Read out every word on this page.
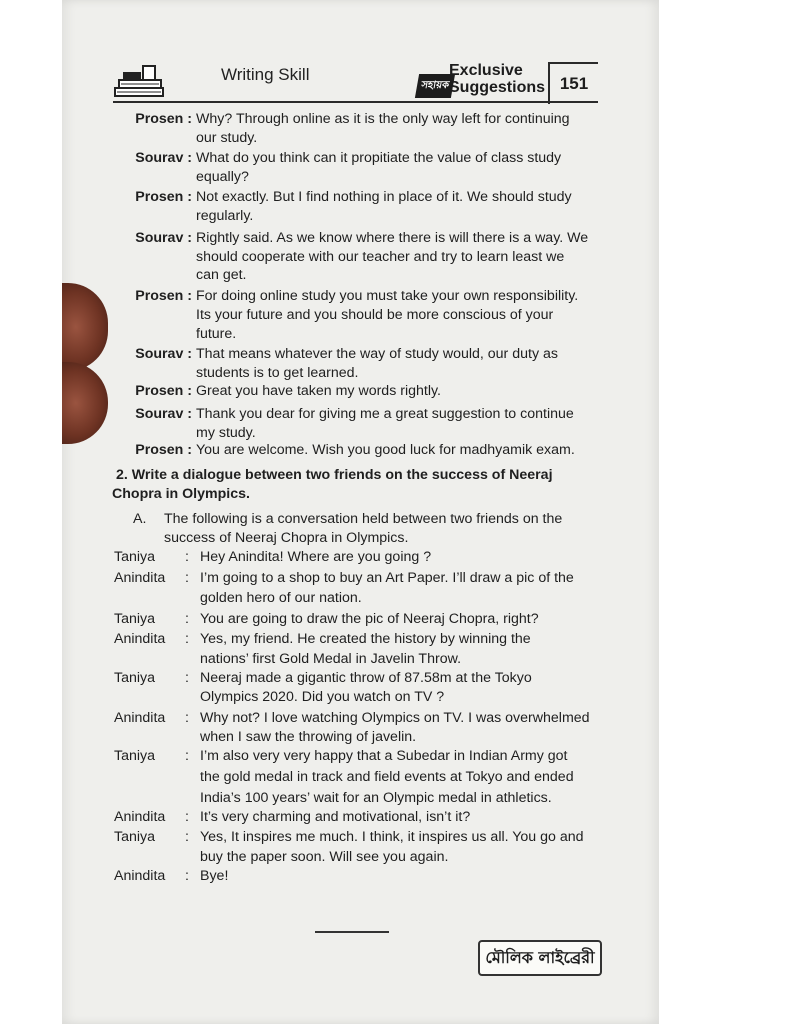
Writing Skill
সহায়ক
Exclusive
Suggestions 151
Prosen : Why? Through online as it is the only way left for continuing
our study.
Sourav : What do you think can it propitiate the value of class study
equally?
Prosen : Not exactly. But I find nothing in place of it. We should study
regularly.
Sourav : Rightly said. As we know where there is will there is a way. We
should cooperate with our teacher and try to learn least we
can get.
Prosen : For doing online study you must take your own responsibility.
Its your future and you should be more conscious of your
future.
Sourav : That means whatever the way of study would, our duty as
students is to get learned.
Prosen : Great you have taken my words rightly.
Sourav : Thank you dear for giving me a great suggestion to continue
my study.
Prosen : You are welcome. Wish you good luck for madhyamik exam.
2. Write a dialogue between two friends on the success of Neeraj
Chopra in Olympics.
A. The following is a conversation held between two friends on the
success of Neeraj Chopra in Olympics.
Taniya : Hey Anindita! Where are you going ?
Anindita : I’m going to a shop to buy an Art Paper. I’ll draw a pic of the
golden hero of our nation.
Taniya : You are going to draw the pic of Neeraj Chopra, right?
Anindita : Yes, my friend. He created the history by winning the
nations’ first Gold Medal in Javelin Throw.
Taniya : Neeraj made a gigantic throw of 87.58m at the Tokyo
Olympics 2020. Did you watch on TV ?
Anindita : Why not? I love watching Olympics on TV. I was overwhelmed
when I saw the throwing of javelin.
Taniya : I’m also very very happy that a Subedar in Indian Army got
the gold medal in track and field events at Tokyo and ended
India’s 100 years’ wait for an Olympic medal in athletics.
Anindita : It’s very charming and motivational, isn’t it?
Taniya : Yes, It inspires me much. I think, it inspires us all. You go and
buy the paper soon. Will see you again.
Anindita : Bye!
মৌলিক লাইব্রেরী
